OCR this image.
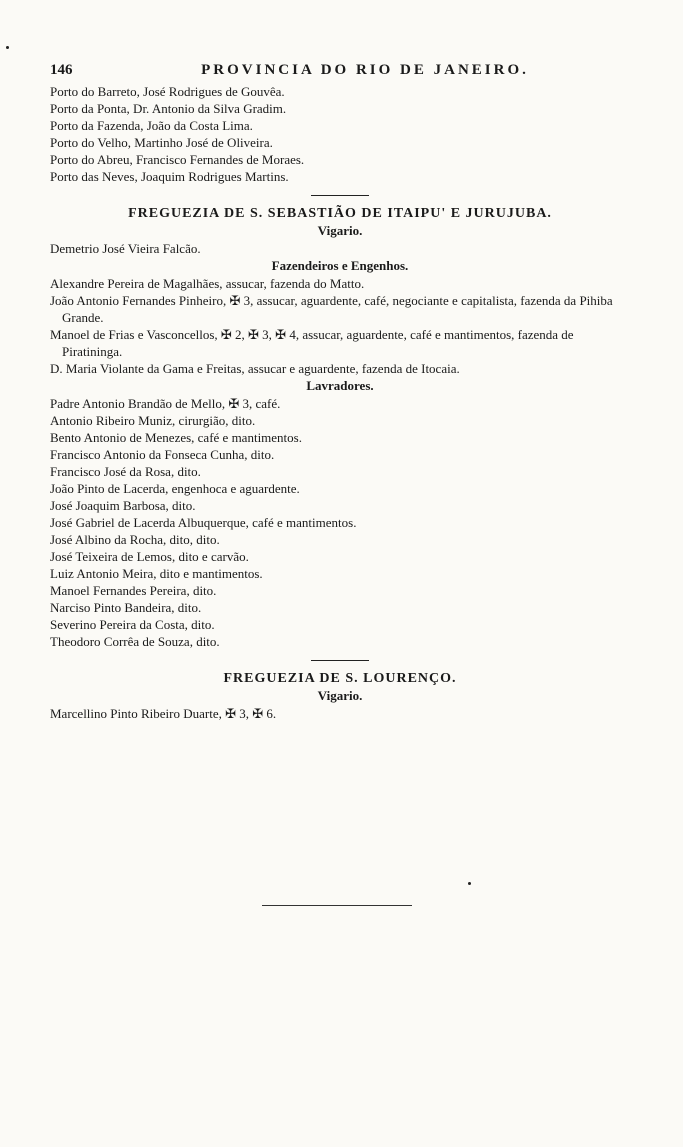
146	PROVINCIA DO RIO DE JANEIRO.
Porto do Barreto, José Rodrigues de Gouvêa.
Porto da Ponta, Dr. Antonio da Silva Gradim.
Porto da Fazenda, João da Costa Lima.
Porto do Velho, Martinho José de Oliveira.
Porto do Abreu, Francisco Fernandes de Moraes.
Porto das Neves, Joaquim Rodrigues Martins.
FREGUEZIA DE S. SEBASTIÃO DE ITAIPU' E JURUJUBA.
Vigario.
Demetrio José Vieira Falcão.
Fazendeiros e Engenhos.
Alexandre Pereira de Magalhães, assucar, fazenda do Matto.
João Antonio Fernandes Pinheiro, ✠ 3, assucar, aguardente, café, negociante e capitalista, fazenda da Pihiba Grande.
Manoel de Frias e Vasconcellos, ✠ 2, ✠ 3, ✠ 4, assucar, aguardente, café e mantimentos, fazenda de Piratininga.
D. Maria Violante da Gama e Freitas, assucar e aguardente, fazenda de Itocaia.
Lavradores.
Padre Antonio Brandão de Mello, ✠ 3, café.
Antonio Ribeiro Muniz, cirurgião, dito.
Bento Antonio de Menezes, café e mantimentos.
Francisco Antonio da Fonseca Cunha, dito.
Francisco José da Rosa, dito.
João Pinto de Lacerda, engenhoca e aguardente.
José Joaquim Barbosa, dito.
José Gabriel de Lacerda Albuquerque, café e mantimentos.
José Albino da Rocha, dito, dito.
José Teixeira de Lemos, dito e carvão.
Luiz Antonio Meira, dito e mantimentos.
Manoel Fernandes Pereira, dito.
Narciso Pinto Bandeira, dito.
Severino Pereira da Costa, dito.
Theodoro Corrêa de Souza, dito.
FREGUEZIA DE S. LOURENÇO.
Vigario.
Marcellino Pinto Ribeiro Duarte, ✠ 3, ✠ 6.
